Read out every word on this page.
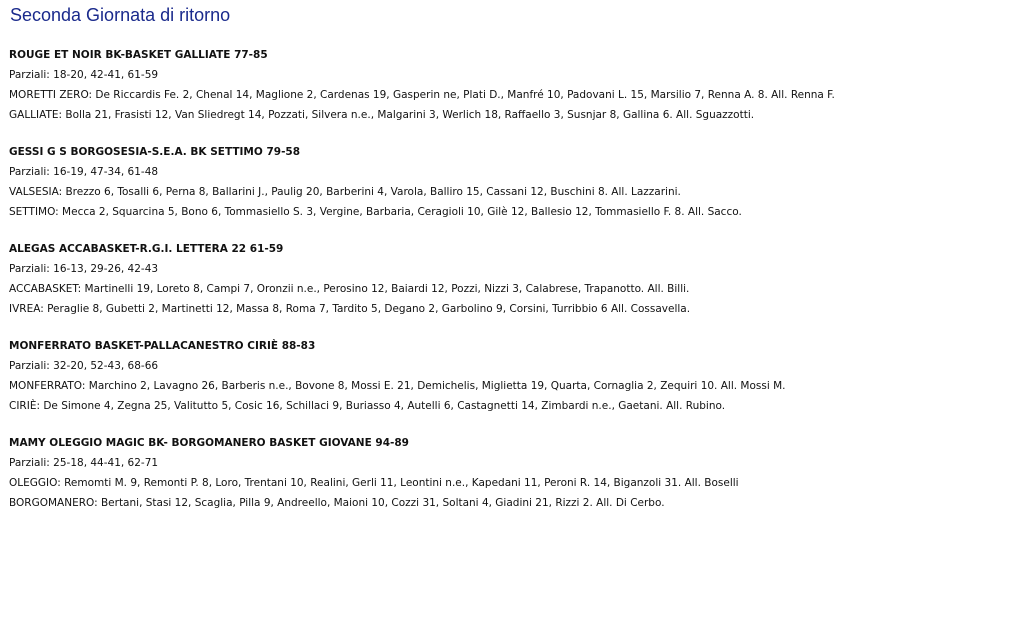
Seconda Giornata di ritorno
ROUGE ET NOIR BK-BASKET GALLIATE 77-85
Parziali: 18-20, 42-41, 61-59
MORETTI ZERO: De Riccardis Fe. 2, Chenal 14, Maglione 2, Cardenas 19, Gasperin ne, Plati D., Manfré 10, Padovani L. 15, Marsilio 7, Renna A. 8. All. Renna F.
GALLIATE: Bolla 21, Frasisti 12, Van Sliedregt 14, Pozzati, Silvera n.e., Malgarini 3, Werlich 18, Raffaello 3, Susnjar 8, Gallina 6. All. Sguazzotti.
GESSI G S BORGOSESIA-S.E.A. BK SETTIMO 79-58
Parziali: 16-19, 47-34, 61-48
VALSESIA: Brezzo 6, Tosalli 6, Perna 8, Ballarini J., Paulig 20, Barberini 4, Varola, Balliro 15, Cassani 12, Buschini 8. All. Lazzarini.
SETTIMO: Mecca 2, Squarcina 5, Bono 6, Tommasiello S. 3, Vergine, Barbaria, Ceragioli 10, Gilè 12, Ballesio 12, Tommasiello F. 8. All. Sacco.
ALEGAS ACCABASKET-R.G.I. LETTERA 22 61-59
Parziali: 16-13, 29-26, 42-43
ACCABASKET: Martinelli 19, Loreto 8, Campi 7, Oronzii n.e., Perosino 12, Baiardi 12, Pozzi, Nizzi 3, Calabrese, Trapanotto. All. Billi.
IVREA: Peraglie 8, Gubetti 2, Martinetti 12, Massa 8, Roma 7, Tardito 5, Degano 2, Garbolino 9, Corsini, Turribbio 6 All. Cossavella.
MONFERRATO BASKET-PALLACANESTRO CIRIÈ 88-83
Parziali: 32-20, 52-43, 68-66
MONFERRATO: Marchino 2, Lavagno 26, Barberis n.e., Bovone 8, Mossi E. 21, Demichelis, Miglietta 19, Quarta, Cornaglia 2, Zequiri 10. All. Mossi M.
CIRIÈ: De Simone 4, Zegna 25, Valitutto 5, Cosic 16, Schillaci 9, Buriasso 4, Autelli 6, Castagnetti 14, Zimbardi n.e., Gaetani. All. Rubino.
MAMY OLEGGIO MAGIC BK- BORGOMANERO BASKET GIOVANE 94-89
Parziali: 25-18, 44-41, 62-71
OLEGGIO: Remomti M. 9, Remonti P. 8, Loro, Trentani 10, Realini, Gerli 11, Leontini n.e., Kapedani 11, Peroni R. 14, Biganzoli 31. All. Boselli
BORGOMANERO: Bertani, Stasi 12, Scaglia, Pilla 9, Andreello, Maioni 10, Cozzi 31, Soltani 4, Giadini 21, Rizzi 2. All. Di Cerbo.
